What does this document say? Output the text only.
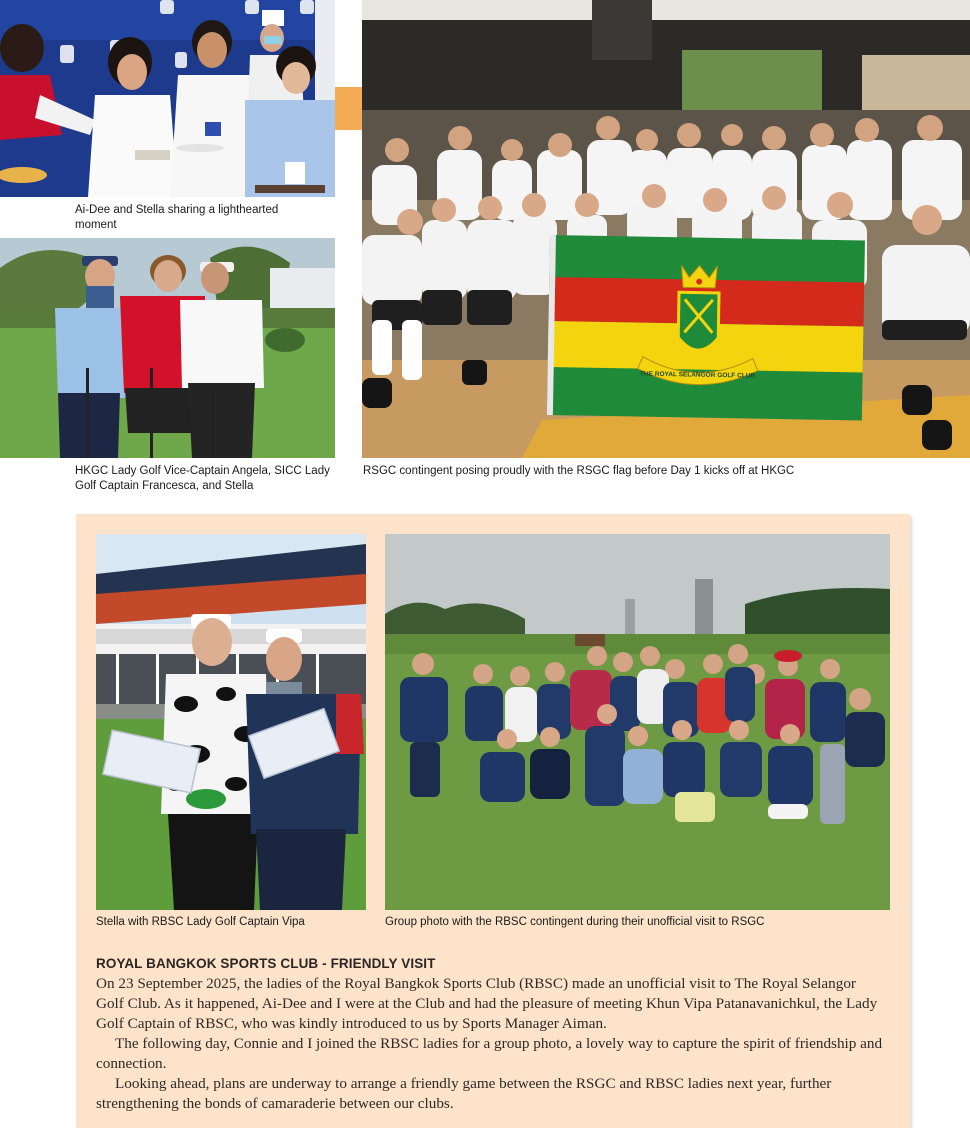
Ai-Dee and Stella sharing a lighthearted moment
HKGC Lady Golf Vice-Captain Angela, SICC Lady Golf Captain Francesca, and Stella
THE ROYAL SELANGOR GOLF CLUB
RSGC contingent posing proudly with the RSGC flag before Day 1 kicks off at HKGC
Stella with RBSC Lady Golf Captain Vipa	Group photo with the RBSC contingent during their unofficial visit to RSGC
ROYAL BANGKOK SPORTS CLUB - FRIENDLY VISIT

On 23 September 2025, the ladies of the Royal Bangkok Sports Club (RBSC) made an unofficial visit to The Royal Selangor Golf Club. As it happened, Ai-Dee and I were at the Club and had the pleasure of meeting Khun Vipa Patanavanichkul, the Lady Golf Captain of RBSC, who was kindly introduced to us by Sports Manager Aiman.

The following day, Connie and I joined the RBSC ladies for a group photo, a lovely way to capture the spirit of friendship and connection.

Looking ahead, plans are underway to arrange a friendly game between the RSGC and RBSC ladies next year, further strengthening the bonds of camaraderie between our clubs.
